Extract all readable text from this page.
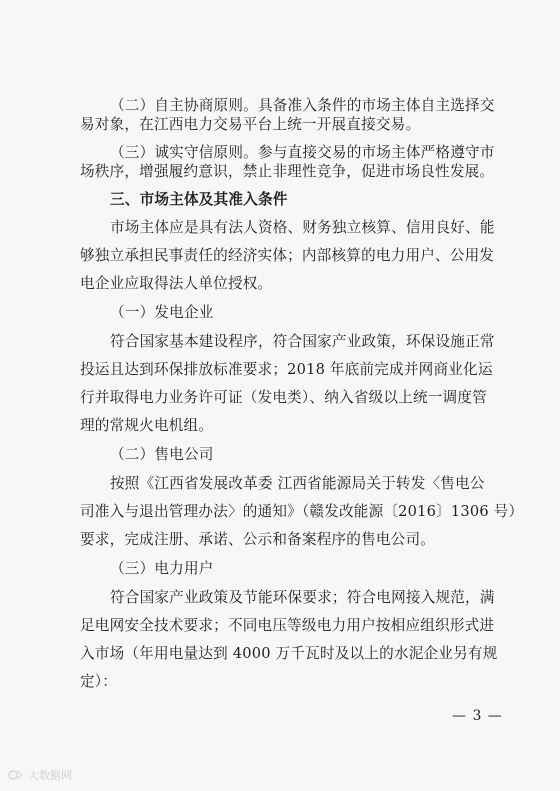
（二）自主协商原则。具备准入条件的市场主体自主选择交
易对象，在江西电力交易平台上统一开展直接交易。
（三）诚实守信原则。参与直接交易的市场主体严格遵守市
场秩序，增强履约意识，禁止非理性竞争，促进市场良性发展。
三、市场主体及其准入条件
市场主体应是具有法人资格、财务独立核算、信用良好、能
够独立承担民事责任的经济实体；内部核算的电力用户、公用发
电企业应取得法人单位授权。
（一）发电企业
符合国家基本建设程序，符合国家产业政策，环保设施正常
投运且达到环保排放标准要求；2018 年底前完成并网商业化运
行并取得电力业务许可证（发电类）、纳入省级以上统一调度管
理的常规火电机组。
（二）售电公司
按照《江西省发展改革委 江西省能源局关于转发〈售电公
司准入与退出管理办法〉的通知》（赣发改能源〔2016〕1306 号）
要求，完成注册、承诺、公示和备案程序的售电公司。
（三）电力用户
符合国家产业政策及节能环保要求；符合电网接入规范，满
足电网安全技术要求；不同电压等级电力用户按相应组织形式进
入市场（年用电量达到 4000 万千瓦时及以上的水泥企业另有规
定）：
— 3 —
大数据网
